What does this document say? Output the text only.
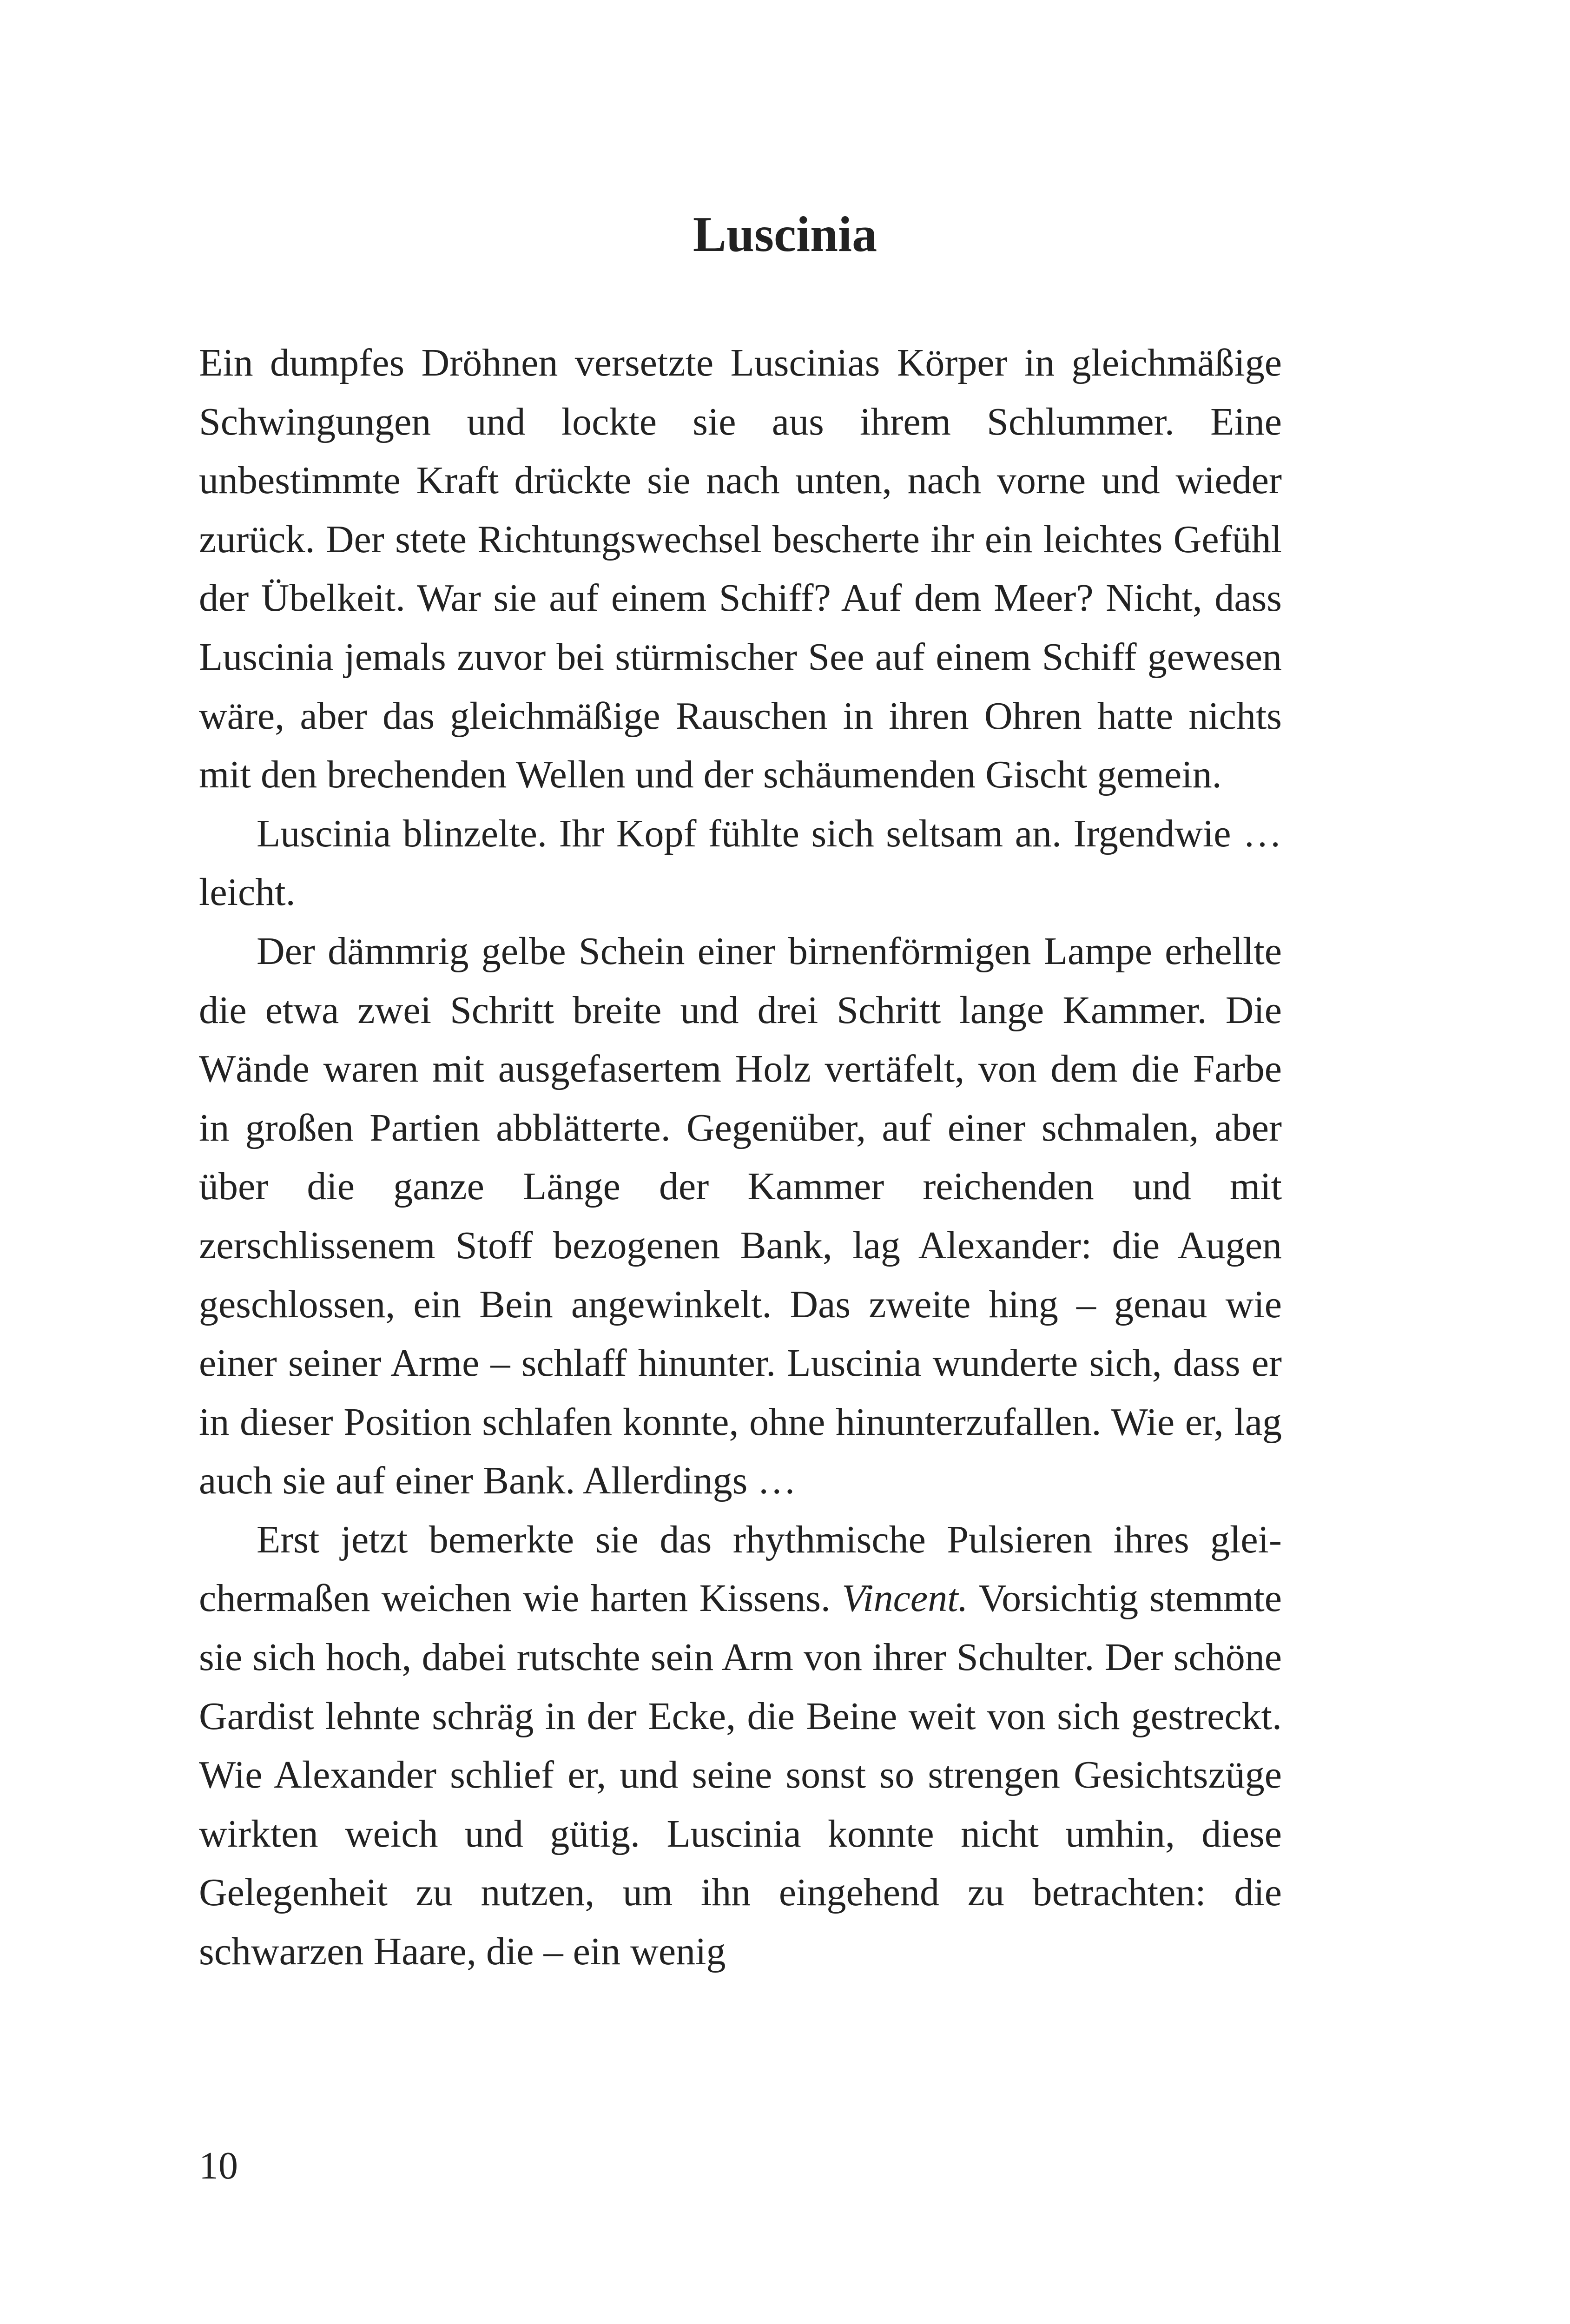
Luscinia

Ein dumpfes Dröhnen versetzte Luscinias Körper in gleichmäßige Schwingungen und lockte sie aus ihrem Schlummer. Eine unbestimmte Kraft drückte sie nach unten, nach vorne und wieder zurück. Der stete Richtungswechsel bescherte ihr ein leichtes Gefühl der Übelkeit. War sie auf einem Schiff? Auf dem Meer? Nicht, dass Luscinia jemals zuvor bei stürmischer See auf einem Schiff gewesen wäre, aber das gleichmäßige Rauschen in ihren Ohren hatte nichts mit den brechenden Wellen und der schäumenden Gischt gemein.

Luscinia blinzelte. Ihr Kopf fühlte sich seltsam an. Irgendwie … leicht.

Der dämmrig gelbe Schein einer birnenförmigen Lampe erhellte die etwa zwei Schritt breite und drei Schritt lange Kammer. Die Wände waren mit ausgefasertem Holz vertäfelt, von dem die Farbe in großen Partien abblätterte. Gegenüber, auf einer schmalen, aber über die ganze Länge der Kammer reichenden und mit zerschlissenem Stoff bezogenen Bank, lag Alexander: die Augen geschlossen, ein Bein angewinkelt. Das zweite hing – genau wie einer seiner Arme – schlaff hinunter. Luscinia wunderte sich, dass er in dieser Position schlafen konnte, ohne hinunterzufallen. Wie er, lag auch sie auf einer Bank. Allerdings …

Erst jetzt bemerkte sie das rhythmische Pulsieren ihres gleichermaßen weichen wie harten Kissens. Vincent. Vorsichtig stemmte sie sich hoch, dabei rutschte sein Arm von ihrer Schulter. Der schöne Gardist lehnte schräg in der Ecke, die Beine weit von sich gestreckt. Wie Alexander schlief er, und seine sonst so strengen Gesichtszüge wirkten weich und gütig. Luscinia konnte nicht umhin, diese Gelegenheit zu nutzen, um ihn eingehend zu betrachten: die schwarzen Haare, die – ein wenig

10
